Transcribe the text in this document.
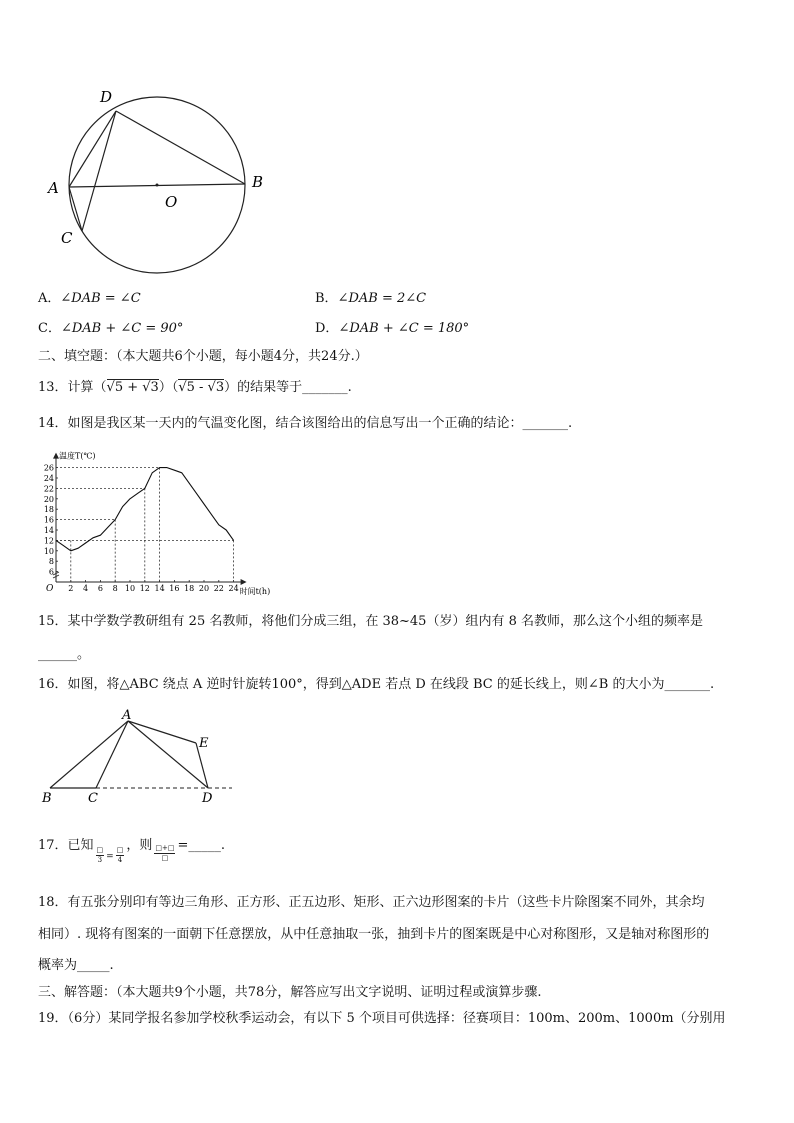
D
A	B
O
C
A．∠DAB = ∠C	B．∠DAB = 2∠C
C．∠DAB + ∠C = 90°	D．∠DAB + ∠C = 180°
二、填空题：（本大题共6个小题，每小题4分，共24分.）
13．计算（√5 + √3）（√5 - √3）的结果等于_______.
14．如图是我区某一天内的气温变化图，结合该图给出的信息写出一个正确的结论：_______.
温度T(℃)
时间t(h)
O 2 4 6 8 10 12 14 16 18 20 22 24
6
8
10
12
14
16
18
20
22
24
26
15．某中学数学教研组有 25 名教师，将他们分成三组，在 38~45（岁）组内有 8 名教师，那么这个小组的频率是
______。
16．如图，将△ABC 绕点 A 逆时针旋转100°，得到△ADE 若点 D 在线段 BC 的延长线上，则∠B 的大小为_______.
A
B	C	D
E
17．已知
$\frac{□}{3} _= \frac{□}{4}$
，则 $\frac{□+□}{□}$ =_____.
18．有五张分别印有等边三角形、正方形、正五边形、矩形、正六边形图案的卡片（这些卡片除图案不同外，其余均
相同）. 现将有图案的一面朝下任意摆放，从中任意抽取一张，抽到卡片的图案既是中心对称图形，又是轴对称图形的
概率为_____.
三、解答题：（本大题共9个小题，共78分，解答应写出文字说明、证明过程或演算步骤.
19．（6分）某同学报名参加学校秋季运动会，有以下 5 个项目可供选择：径赛项目：100m、200m、1000m（分别用
